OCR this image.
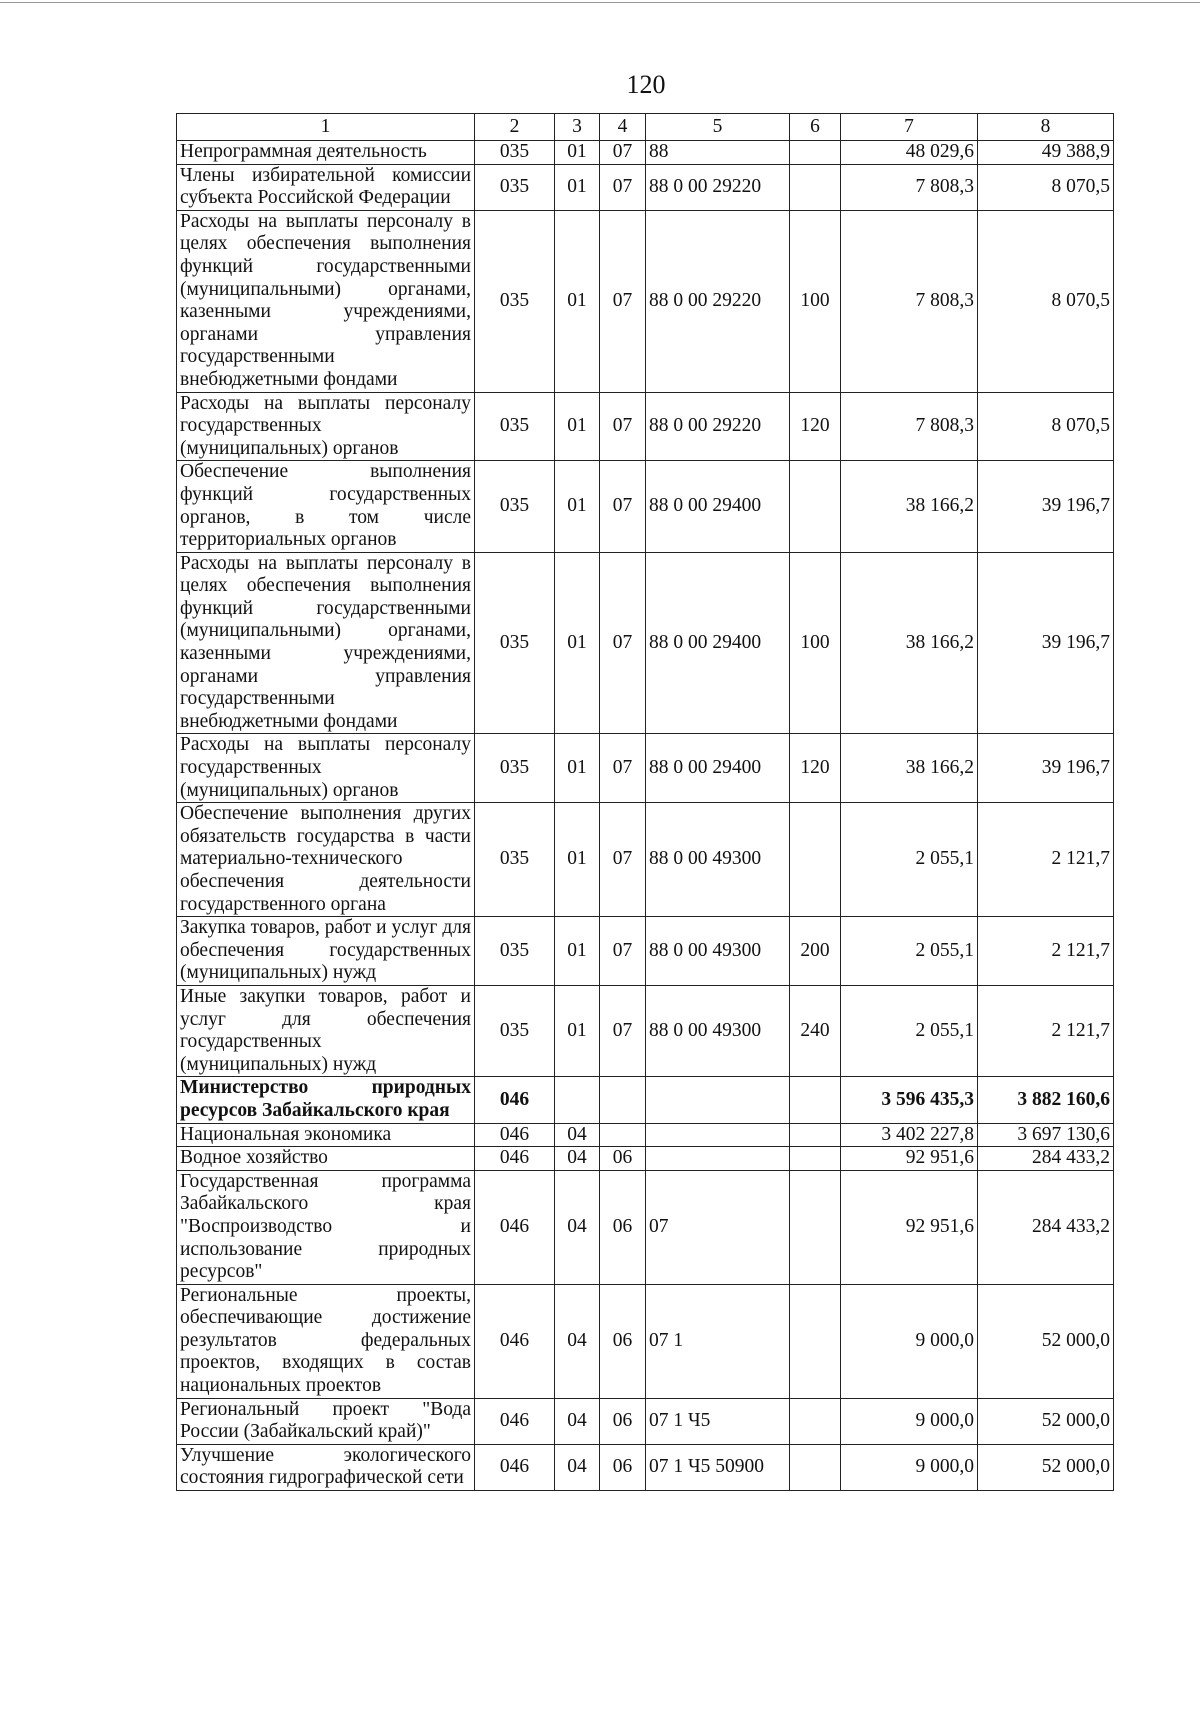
120
1	2	3	4	5	6	7	8
Непрограммная деятельность	035	01	07	88		48 029,6	49 388,9
Члены избирательной комиссии субъекта Российской Федерации	035	01	07	88 0 00 29220		7 808,3	8 070,5
Расходы на выплаты персоналу в целях обеспечения выполнения функций государственными (муниципальными) органами, казенными учреждениями, органами управления государственными внебюджетными фондами	035	01	07	88 0 00 29220	100	7 808,3	8 070,5
Расходы на выплаты персоналу государственных (муниципальных) органов	035	01	07	88 0 00 29220	120	7 808,3	8 070,5
Обеспечение выполнения функций государственных органов, в том числе территориальных органов	035	01	07	88 0 00 29400		38 166,2	39 196,7
Расходы на выплаты персоналу в целях обеспечения выполнения функций государственными (муниципальными) органами, казенными учреждениями, органами управления государственными внебюджетными фондами	035	01	07	88 0 00 29400	100	38 166,2	39 196,7
Расходы на выплаты персоналу государственных (муниципальных) органов	035	01	07	88 0 00 29400	120	38 166,2	39 196,7
Обеспечение выполнения других обязательств государства в части материально-технического обеспечения деятельности государственного органа	035	01	07	88 0 00 49300		2 055,1	2 121,7
Закупка товаров, работ и услуг для обеспечения государственных (муниципальных) нужд	035	01	07	88 0 00 49300	200	2 055,1	2 121,7
Иные закупки товаров, работ и услуг для обеспечения государственных (муниципальных) нужд	035	01	07	88 0 00 49300	240	2 055,1	2 121,7
Министерство природных ресурсов Забайкальского края	046					3 596 435,3	3 882 160,6
Национальная экономика	046	04				3 402 227,8	3 697 130,6
Водное хозяйство	046	04	06			92 951,6	284 433,2
Государственная программа Забайкальского края "Воспроизводство и использование природных ресурсов"	046	04	06	07		92 951,6	284 433,2
Региональные проекты, обеспечивающие достижение результатов федеральных проектов, входящих в состав национальных проектов	046	04	06	07 1		9 000,0	52 000,0
Региональный проект "Вода России (Забайкальский край)"	046	04	06	07 1 Ч5		9 000,0	52 000,0
Улучшение экологического состояния гидрографической сети	046	04	06	07 1 Ч5 50900		9 000,0	52 000,0
